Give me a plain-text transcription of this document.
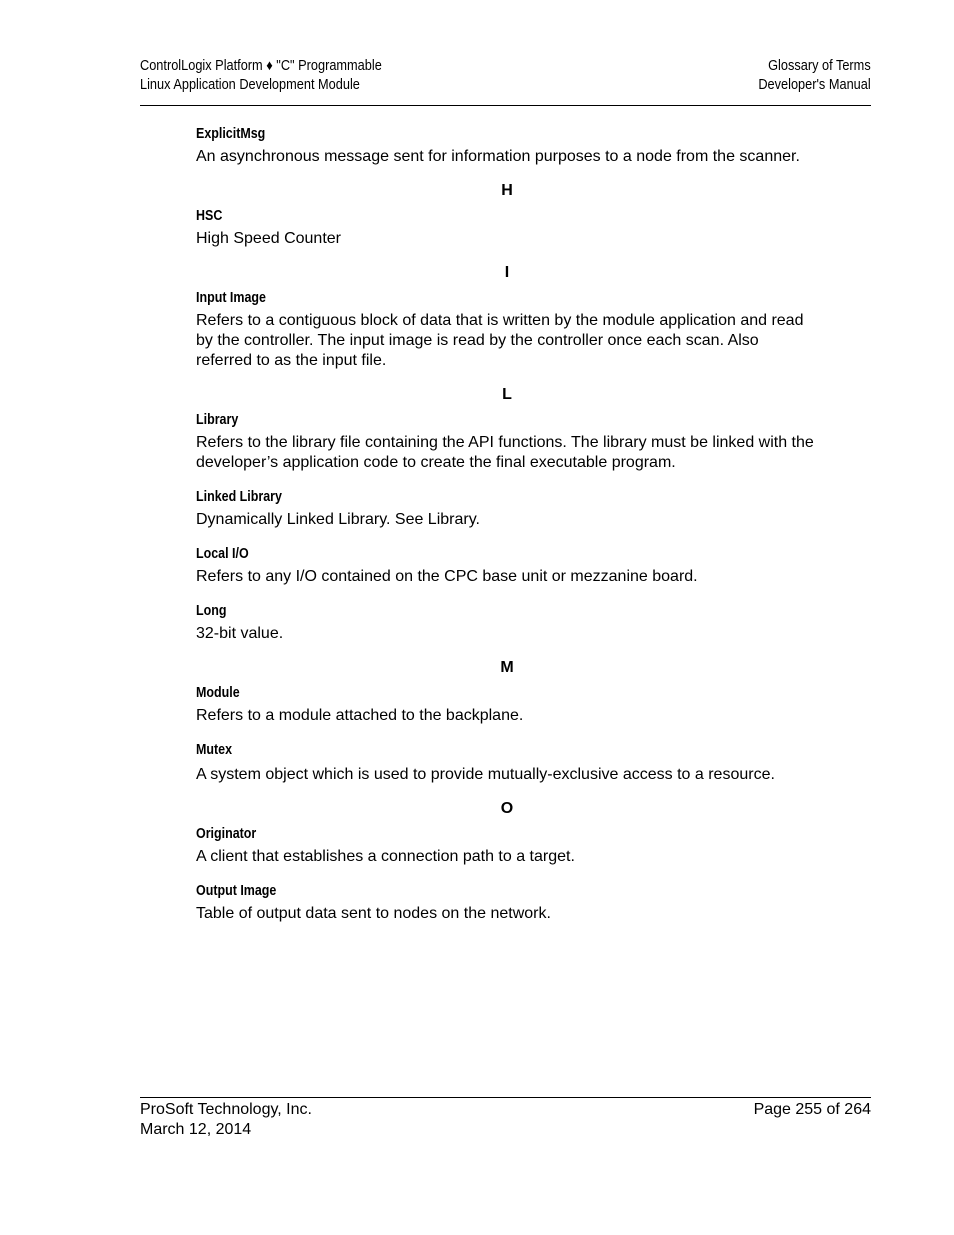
ControlLogix Platform ♦ "C" Programmable
Linux Application Development Module
Glossary of Terms
Developer's Manual
ExplicitMsg
An asynchronous message sent for information purposes to a node from the scanner.
H
HSC
High Speed Counter
I
Input Image
Refers to a contiguous block of data that is written by the module application and read by the controller. The input image is read by the controller once each scan. Also referred to as the input file.
L
Library
Refers to the library file containing the API functions. The library must be linked with the developer’s application code to create the final executable program.
Linked Library
Dynamically Linked Library. See Library.
Local I/O
Refers to any I/O contained on the CPC base unit or mezzanine board.
Long
32-bit value.
M
Module
Refers to a module attached to the backplane.
Mutex
A system object which is used to provide mutually-exclusive access to a resource.
O
Originator
A client that establishes a connection path to a target.
Output Image
Table of output data sent to nodes on the network.
ProSoft Technology, Inc.
March 12, 2014
Page 255 of 264
